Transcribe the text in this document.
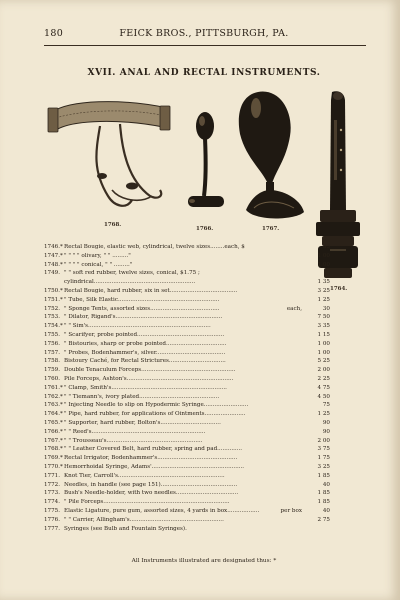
180	FEICK BROS., PITTSBURGH, PA.
XVII. ANAL AND RECTAL INSTRUMENTS.
1768.
1766.	1767.
1764.
1746.* Rectal Bougie, elastic web, cylindrical, twelve sizes........each, $	85
1747.* " " " " olivary, " " ........."	1 00
1748.* " " " " conical, " " ........."	1 00
1749. " " soft red rubber, twelve sizes, conical, $1.75 ;
cylindrical.........................................................	1 35
1750.* Rectal Bougie, hard rubber, six in set......................................	3 25
1751.* " Tube, Silk Elastic.........................................................	1 25
1752. " Sponge Tents, assorted sizes.......................................	each,	30
1753. " Dilator, Rigand's............................................................	7 50
1754.* " " Sim's.....................................................................	3 35
1755. " Scarifyer, probe pointed.................................................	1 15
1756. " Bistouries, sharp or probe pointed..................................	1 00
1757. " Probes, Bodenhammer's, silver.......................................	1 00
1758. Bistoury Caché, for Rectal Strictures................................	5 25
1759. Double Tenaculum Forceps.....................................................	2 00
1760. Pile Forceps, Ashton's............................................................	2 25
1761.* " Clamp, Smith's.................................................................	4 75
1762.* " " Tiemann's, ivory plated.............................................	4 50
1763.* " Injecting Needle to slip on Hypodermic Syringe.........................	75
1764.* " Pipe, hard rubber, for applications of Ointments.......................	1 25
1765.* " Supporter, hard rubber, Bolton's..................................	90
1766.* " " Reed's................................................................	90
1767.* " " Trousseau's......................................................	2 00
1768.* " " Leather Covered Belt, hard rubber, spring and pad..............	3 75
1769.* Rectal Irrigator, Bodenhammer's.............................................	1 75
1770.* Hemorrhoidal Syringe, Adams'....................................................	3 25
1771. Knot Tier, Carroll's............................................................	1 85
1772. Needles, in handle (see page 151)...........................................	40
1773. Bush's Needle-holder, with two needles...................................	1 85
1774. " Pile Forceps.......................................................................	1 85
1775. Elastic Ligature, pure gum, assorted sizes, 4 yards in box..................	per box	40
1776. " " Carrier, Allingham's.....................................................	2 75
1777. Syringes (see Bulb and Fountain Syringes).
All Instruments illustrated are designated thus: *
